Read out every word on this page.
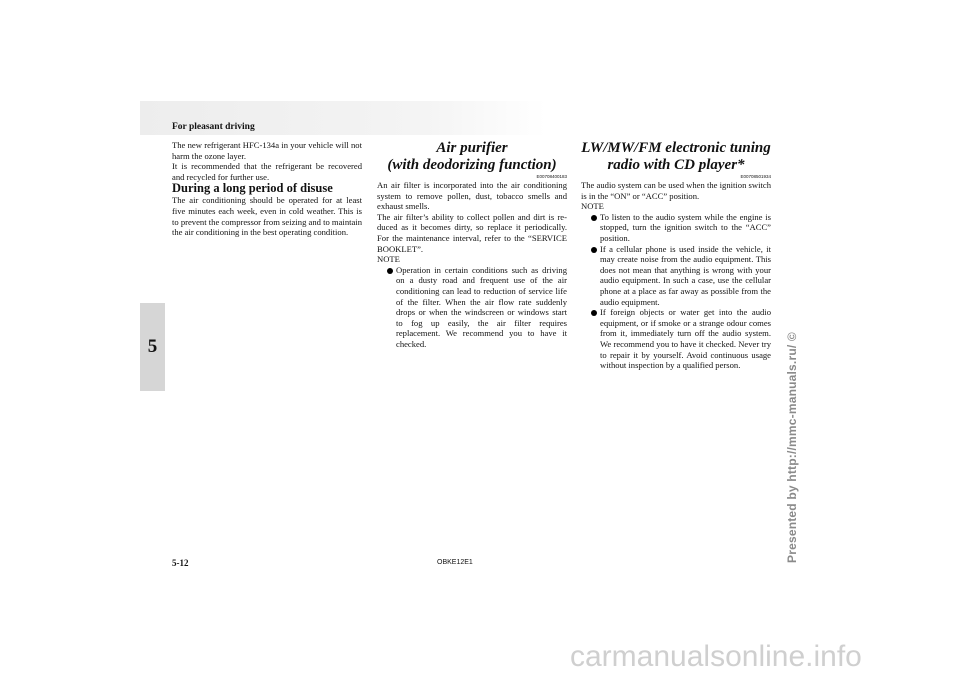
For pleasant driving
5

The new refrigerant HFC-134a in your vehicle will not harm the ozone layer.

It is recommended that the refrigerant be recovered and recycled for further use.

During a long period of disuse

The air conditioning should be operated for at least five minutes each week, even in cold weather. This is to prevent the compressor from seizing and to maintain the air conditioning in the best operating condition.

Air purifier
(with deodorizing function)
E00708400183

An air filter is incorporated into the air conditioning system to remove pollen, dust, tobacco smells and exhaust smells.

The air filter’s ability to collect pollen and dirt is reduced as it becomes dirty, so replace it periodically. For the maintenance interval, refer to the “SERVICE BOOKLET”.

NOTE

Operation in certain conditions such as driving on a dusty road and frequent use of the air conditioning can lead to reduction of service life of the filter. When the air flow rate suddenly drops or when the windscreen or windows start to fog up easily, the air filter requires replacement. We recommend you to have it checked.
LW/MW/FM electronic tuning
radio with CD player*
E00708501934

The audio system can be used when the ignition switch is in the “ON” or “ACC” position.

NOTE

To listen to the audio system while the engine is stopped, turn the ignition switch to the “ACC” position.
If a cellular phone is used inside the vehicle, it may create noise from the audio equipment. This does not mean that anything is wrong with your audio equipment. In such a case, use the cellular phone at a place as far away as possible from the audio equipment.
If foreign objects or water get into the audio equipment, or if smoke or a strange odour comes from it, immediately turn off the audio system. We recommend you to have it checked. Never try to repair it by yourself. Avoid continuous usage without inspection by a qualified person.
5-12	OBKE12E1	Presented by http://mmc-manuals.ru/ ©
carmanualsonline.info
